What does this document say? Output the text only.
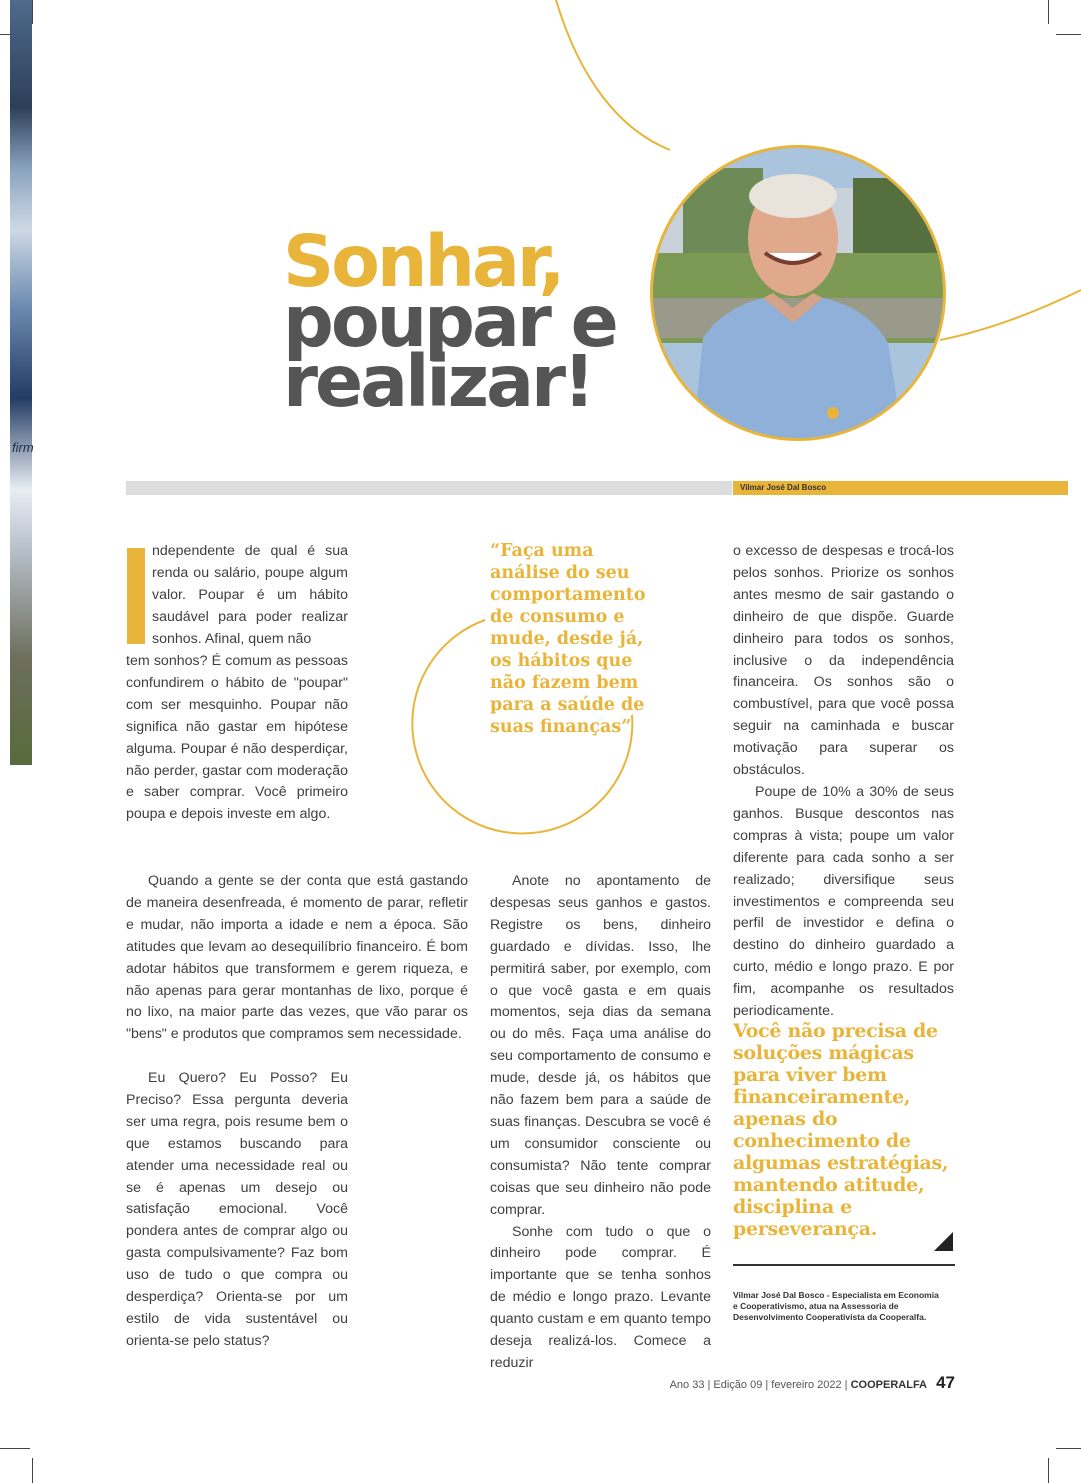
firm
Sonhar,
poupar e
realizar!
Vilmar José Dal Bosco

ndependente de qual é sua renda ou salário, poupe algum valor. Poupar é um hábito saudável para poder realizar sonhos. Afinal, quem não

tem sonhos? É comum as pessoas confundirem o hábito de "poupar" com ser mesquinho. Poupar não significa não gastar em hipótese alguma. Poupar é não desperdiçar, não perder, gastar com moderação e saber comprar. Você primeiro poupa e depois investe em algo.

Quando a gente se der conta que está gastando de maneira desenfreada, é momento de parar, refletir e mudar, não importa a idade e nem a época. São atitudes que levam ao desequilíbrio financeiro. É bom adotar hábitos que transformem e gerem riqueza, e não apenas para gerar montanhas de lixo, porque é no lixo, na maior parte das vezes, que vão parar os "bens" e produtos que compramos sem necessidade.

Eu Quero? Eu Posso? Eu Preciso? Essa pergunta deveria ser uma regra, pois resume bem o que estamos buscando para atender uma necessidade real ou se é apenas um desejo ou satisfação emocional. Você pondera antes de comprar algo ou gasta compulsivamente? Faz bom uso de tudo o que compra ou desperdiça? Orienta-se por um estilo de vida sustentável ou orienta-se pelo status?

“Faça uma análise do seu comportamento de consumo e mude, desde já, os hábitos que não fazem bem para a saúde de suas finanças”

Anote no apontamento de despesas seus ganhos e gastos. Registre os bens, dinheiro guardado e dívidas. Isso, lhe permitirá saber, por exemplo, com o que você gasta e em quais momentos, seja dias da semana ou do mês. Faça uma análise do seu comportamento de consumo e mude, desde já, os hábitos que não fazem bem para a saúde de suas finanças. Descubra se você é um consumidor consciente ou consumista? Não tente comprar coisas que seu dinheiro não pode comprar.

Sonhe com tudo o que o dinheiro pode comprar. É importante que se tenha sonhos de médio e longo prazo. Levante quanto custam e em quanto tempo deseja realizá-los. Comece a reduzir

o excesso de despesas e trocá-los pelos sonhos. Priorize os sonhos antes mesmo de sair gastando o dinheiro de que dispõe. Guarde dinheiro para todos os sonhos, inclusive o da independência financeira. Os sonhos são o combustível, para que você possa seguir na caminhada e buscar motivação para superar os obstáculos.

Poupe de 10% a 30% de seus ganhos. Busque descontos nas compras à vista; poupe um valor diferente para cada sonho a ser realizado; diversifique seus investimentos e compreenda seu perfil de investidor e defina o destino do dinheiro guardado a curto, médio e longo prazo. E por fim, acompanhe os resultados periodicamente.

Você não precisa de soluções mágicas para viver bem financeiramente, apenas do conhecimento de algumas estratégias, mantendo atitude, disciplina e perseverança.
Vilmar José Dal Bosco - Especialista em Economia e Cooperativismo, atua na Assessoria de Desenvolvimento Cooperativista da Cooperalfa.
Ano 33 | Edição 09 | fevereiro 2022 | COOPERALFA 47
